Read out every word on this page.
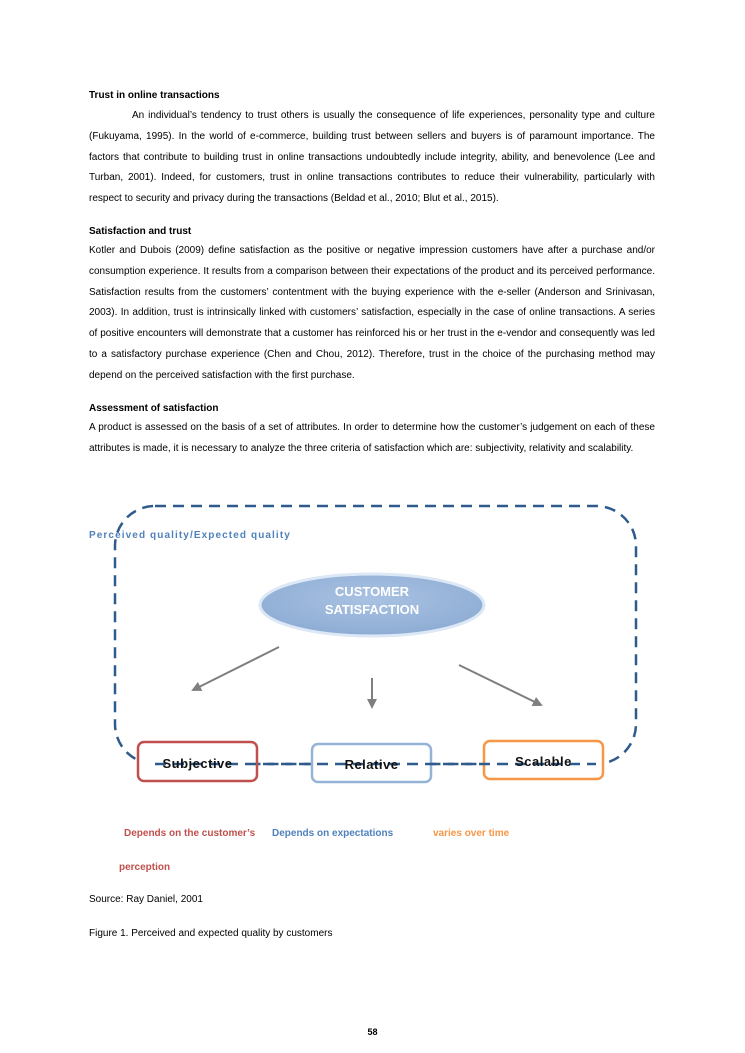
Trust in online transactions

An individual’s tendency to trust others is usually the consequence of life experiences, personality type and culture (Fukuyama, 1995). In the world of e-commerce, building trust between sellers and buyers is of paramount importance. The factors that contribute to building trust in online transactions undoubtedly include integrity, ability, and benevolence (Lee and Turban, 2001). Indeed, for customers, trust in online transactions contributes to reduce their vulnerability, particularly with respect to security and privacy during the transactions (Beldad et al., 2010; Blut et al., 2015).

Satisfaction and trust

Kotler and Dubois (2009) define satisfaction as the positive or negative impression customers have after a purchase and/or consumption experience. It results from a comparison between their expectations of the product and its perceived performance. Satisfaction results from the customers’ contentment with the buying experience with the e-seller (Anderson and Srinivasan, 2003). In addition, trust is intrinsically linked with customers’ satisfaction, especially in the case of online transactions. A series of positive encounters will demonstrate that a customer has reinforced his or her trust in the e-vendor and consequently was led to a satisfactory purchase experience (Chen and Chou, 2012). Therefore, trust in the choice of the purchasing method may depend on the perceived satisfaction with the first purchase.

Assessment of satisfaction

A product is assessed on the basis of a set of attributes. In order to determine how the customer’s judgement on each of these attributes is made, it is necessary to analyze the three criteria of satisfaction which are: subjectivity, relativity and scalability.

Perceived quality/Expected quality
CUSTOMER
SATISFACTION
Subjective	Relative	Scalable
Depends on the customer’s
perception
Depends on expectations	varies over time
Source: Ray Daniel, 2001
Figure 1. Perceived and expected quality by customers
58
